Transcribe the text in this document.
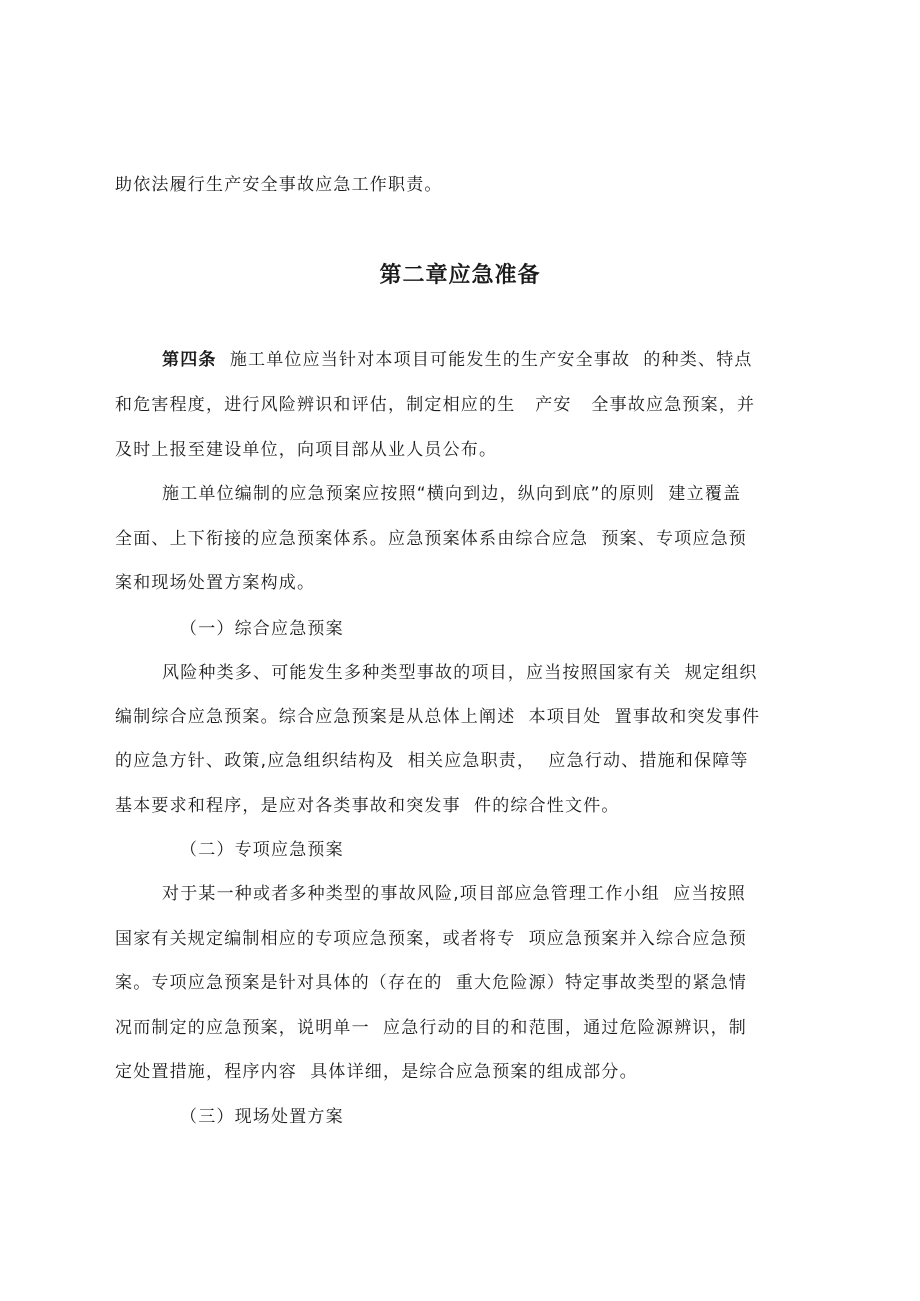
助依法履行生产安全事故应急工作职责。
第二章应急准备
第四条  施工单位应当针对本项目可能发生的生产安全事故  的种类、特点
和危害程度，进行风险辨识和评估，制定相应的生   产安   全事故应急预案，并
及时上报至建设单位，向项目部从业人员公布。
施工单位编制的应急预案应按照“横向到边，纵向到底”的原则  建立覆盖
全面、上下衔接的应急预案体系。应急预案体系由综合应急  预案、专项应急预
案和现场处置方案构成。
（一）综合应急预案
风险种类多、可能发生多种类型事故的项目，应当按照国家有关  规定组织
编制综合应急预案。综合应急预案是从总体上阐述  本项目处  置事故和突发事件
的应急方针、政策,应急组织结构及  相关应急职责，  应急行动、措施和保障等
基本要求和程序，是应对各类事故和突发事  件的综合性文件。
（二）专项应急预案
对于某一种或者多种类型的事故风险,项目部应急管理工作小组  应当按照
国家有关规定编制相应的专项应急预案，或者将专  项应急预案并入综合应急预
案。专项应急预案是针对具体的（存在的  重大危险源）特定事故类型的紧急情
况而制定的应急预案，说明单一  应急行动的目的和范围，通过危险源辨识，制
定处置措施，程序内容  具体详细，是综合应急预案的组成部分。
（三）现场处置方案
